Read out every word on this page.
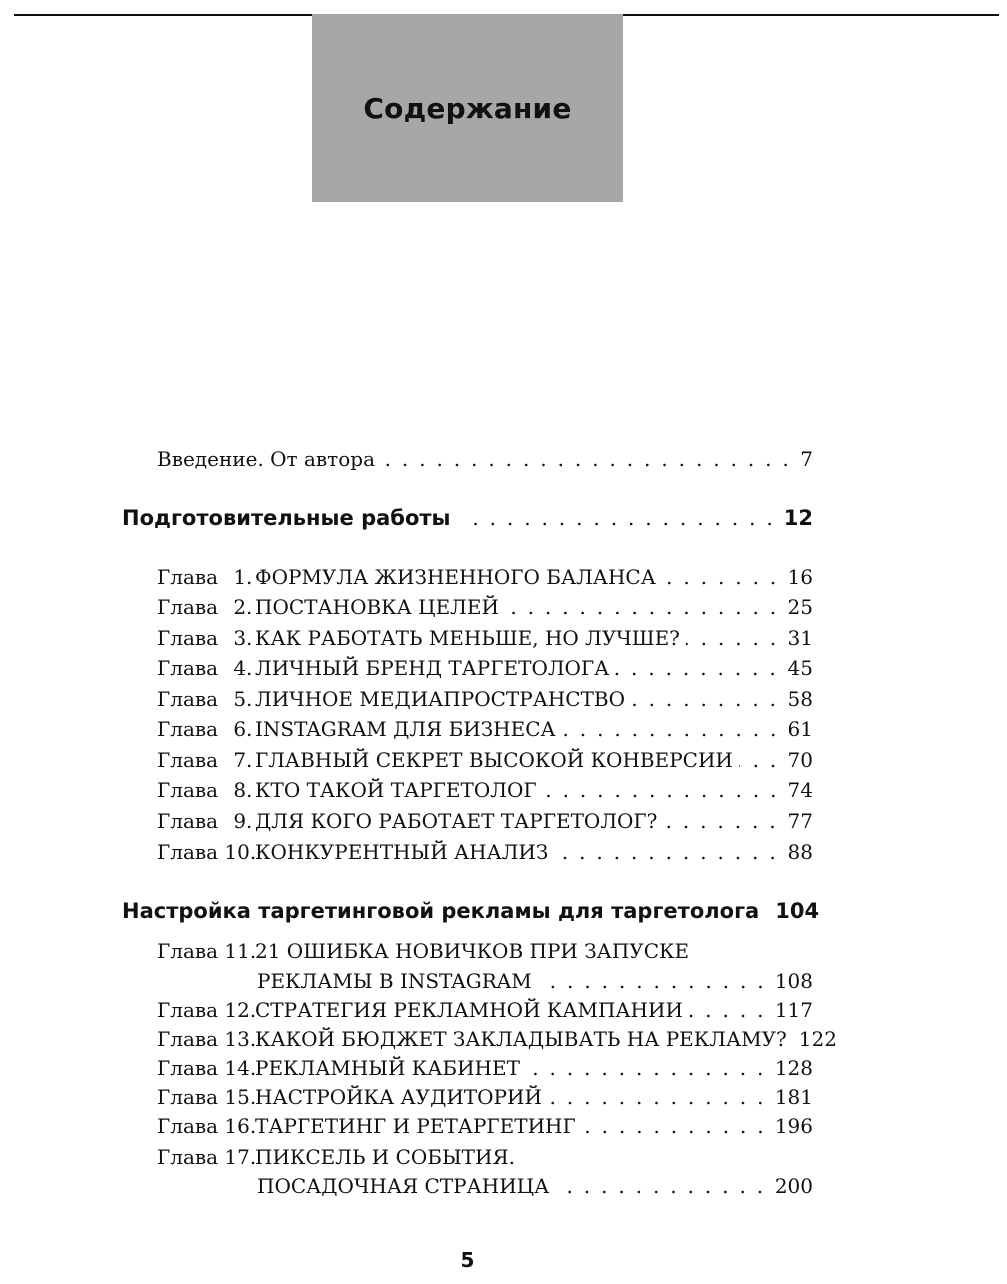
Содержание
Введение. От автора	7
Подготовительные работы	12
Глава 1. ФОРМУЛА ЖИЗНЕННОГО БАЛАНСА	16
Глава 2. ПОСТАНОВКА ЦЕЛЕЙ	25
Глава 3. КАК РАБОТАТЬ МЕНЬШЕ, НО ЛУЧШЕ?	31
Глава 4. ЛИЧНЫЙ БРЕНД ТАРГЕТОЛОГА	45
Глава 5. ЛИЧНОЕ МЕДИАПРОСТРАНСТВО	58
Глава 6. INSTAGRAM ДЛЯ БИЗНЕСА	61
Глава 7. ГЛАВНЫЙ СЕКРЕТ ВЫСОКОЙ КОНВЕРСИИ	70
Глава 8. КТО ТАКОЙ ТАРГЕТОЛОГ	74
Глава 9. ДЛЯ КОГО РАБОТАЕТ ТАРГЕТОЛОГ?	77
Глава 10.КОНКУРЕНТНЫЙ АНАЛИЗ	88
Настройка таргетинговой рекламы для таргетолога 104
Глава 11.
21 ОШИБКА НОВИЧКОВ ПРИ ЗАПУСКЕ
РЕКЛАМЫ В INSTAGRAM	108
Глава 12.СТРАТЕГИЯ РЕКЛАМНОЙ КАМПАНИИ	117
Глава 13.КАКОЙ БЮДЖЕТ ЗАКЛАДЫВАТЬ НА РЕКЛАМУ? 122
Глава 14.РЕКЛАМНЫЙ КАБИНЕТ	128
Глава 15.НАСТРОЙКА АУДИТОРИЙ	181
Глава 16.ТАРГЕТИНГ И РЕТАРГЕТИНГ	196
Глава 17.
ПИКСЕЛЬ И СОБЫТИЯ.
ПОСАДОЧНАЯ СТРАНИЦА	200
5
